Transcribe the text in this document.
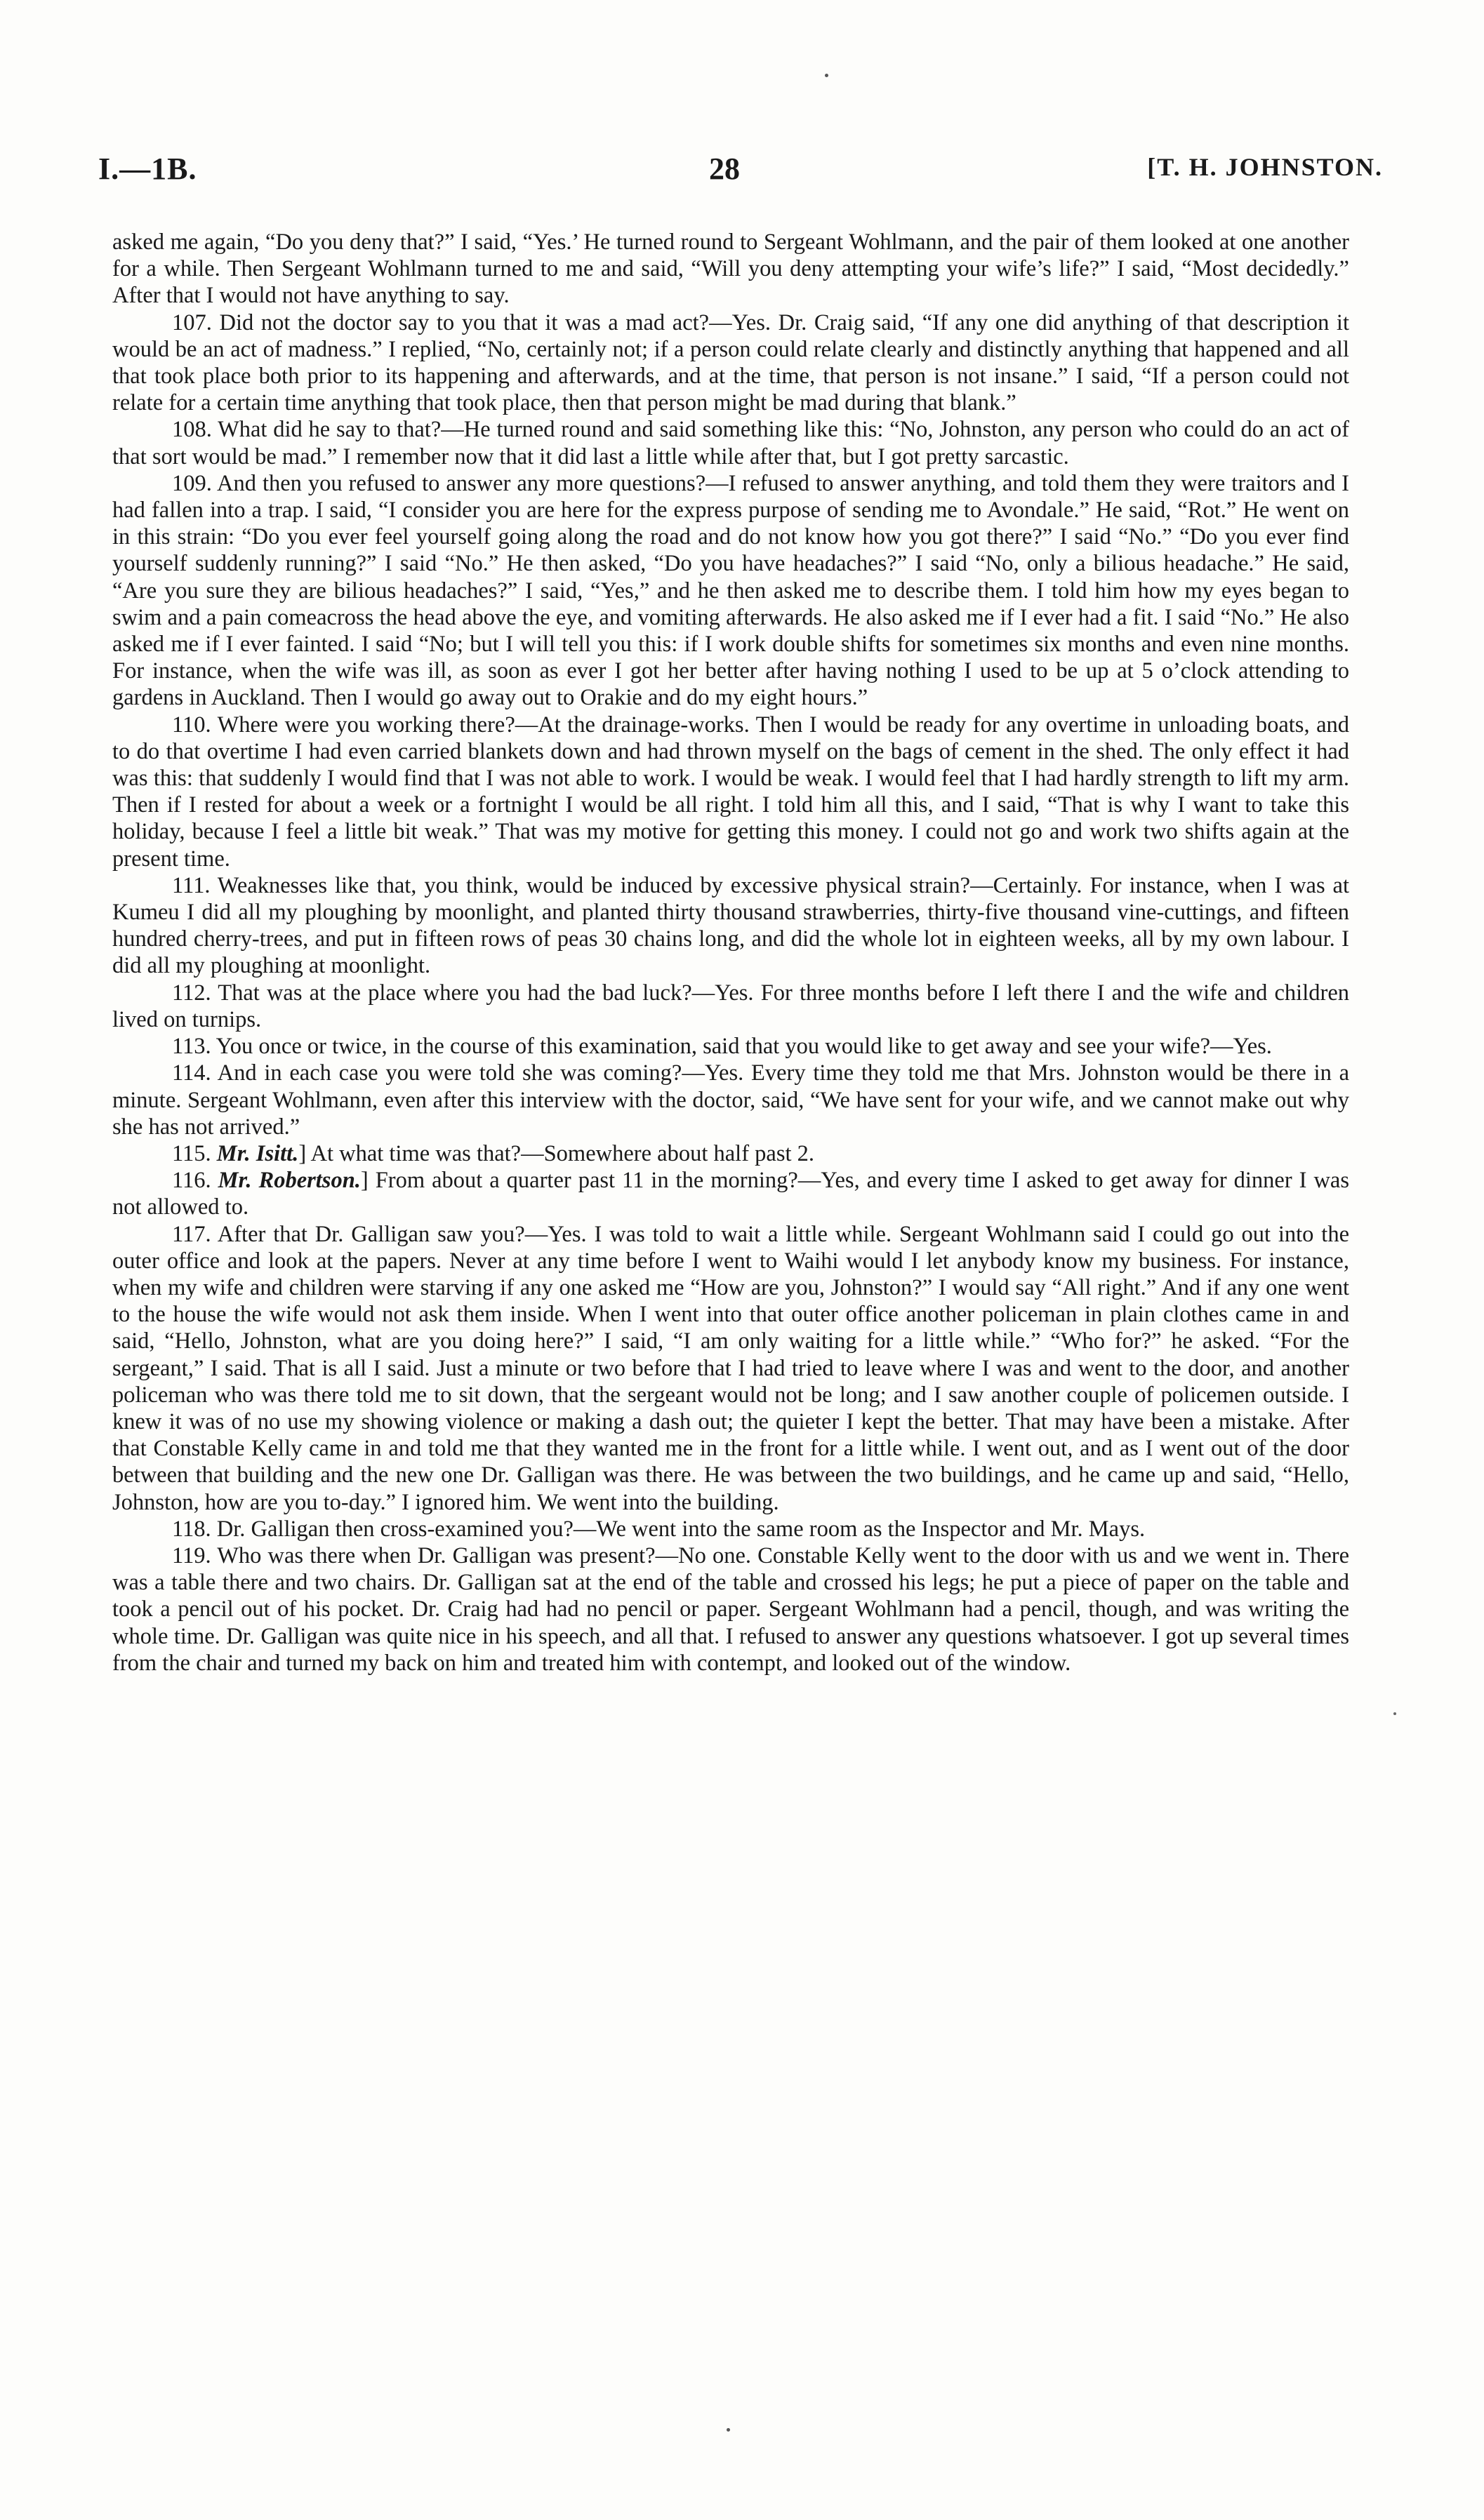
I.—1B.	28	[T. H. JOHNSTON.

asked me again, “Do you deny that?” I said, “Yes.’ He turned round to Sergeant Wohlmann, and the pair of them looked at one another for a while. Then Sergeant Wohlmann turned to me and said, “Will you deny attempting your wife’s life?” I said, “Most decidedly.” After that I would not have anything to say.

107. Did not the doctor say to you that it was a mad act?—Yes. Dr. Craig said, “If any one did anything of that description it would be an act of madness.” I replied, “No, certainly not; if a person could relate clearly and distinctly anything that happened and all that took place both prior to its happening and afterwards, and at the time, that person is not insane.” I said, “If a person could not relate for a certain time anything that took place, then that person might be mad during that blank.”

108. What did he say to that?—He turned round and said something like this: “No, Johnston, any person who could do an act of that sort would be mad.” I remember now that it did last a little while after that, but I got pretty sarcastic.

109. And then you refused to answer any more questions?—I refused to answer anything, and told them they were traitors and I had fallen into a trap. I said, “I consider you are here for the express purpose of sending me to Avondale.” He said, “Rot.” He went on in this strain: “Do you ever feel yourself going along the road and do not know how you got there?” I said “No.” “Do you ever find yourself suddenly running?” I said “No.” He then asked, “Do you have headaches?” I said “No, only a bilious headache.” He said, “Are you sure they are bilious headaches?” I said, “Yes,” and he then asked me to describe them. I told him how my eyes began to swim and a pain comeacross the head above the eye, and vomiting afterwards. He also asked me if I ever had a fit. I said “No.” He also asked me if I ever fainted. I said “No; but I will tell you this: if I work double shifts for sometimes six months and even nine months. For instance, when the wife was ill, as soon as ever I got her better after having nothing I used to be up at 5 o’clock attending to gardens in Auckland. Then I would go away out to Orakie and do my eight hours.”

110. Where were you working there?—At the drainage-works. Then I would be ready for any overtime in unloading boats, and to do that overtime I had even carried blankets down and had thrown myself on the bags of cement in the shed. The only effect it had was this: that suddenly I would find that I was not able to work. I would be weak. I would feel that I had hardly strength to lift my arm. Then if I rested for about a week or a fortnight I would be all right. I told him all this, and I said, “That is why I want to take this holiday, because I feel a little bit weak.” That was my motive for getting this money. I could not go and work two shifts again at the present time.

111. Weaknesses like that, you think, would be induced by excessive physical strain?—Certainly. For instance, when I was at Kumeu I did all my ploughing by moonlight, and planted thirty thousand strawberries, thirty-five thousand vine-cuttings, and fifteen hundred cherry-trees, and put in fifteen rows of peas 30 chains long, and did the whole lot in eighteen weeks, all by my own labour. I did all my ploughing at moonlight.

112. That was at the place where you had the bad luck?—Yes. For three months before I left there I and the wife and children lived on turnips.

113. You once or twice, in the course of this examination, said that you would like to get away and see your wife?—Yes.

114. And in each case you were told she was coming?—Yes. Every time they told me that Mrs. Johnston would be there in a minute. Sergeant Wohlmann, even after this interview with the doctor, said, “We have sent for your wife, and we cannot make out why she has not arrived.”

115. Mr. Isitt.] At what time was that?—Somewhere about half past 2.

116. Mr. Robertson.] From about a quarter past 11 in the morning?—Yes, and every time I asked to get away for dinner I was not allowed to.

117. After that Dr. Galligan saw you?—Yes. I was told to wait a little while. Sergeant Wohlmann said I could go out into the outer office and look at the papers. Never at any time before I went to Waihi would I let anybody know my business. For instance, when my wife and children were starving if any one asked me “How are you, Johnston?” I would say “All right.” And if any one went to the house the wife would not ask them inside. When I went into that outer office another policeman in plain clothes came in and said, “Hello, Johnston, what are you doing here?” I said, “I am only waiting for a little while.” “Who for?” he asked. “For the sergeant,” I said. That is all I said. Just a minute or two before that I had tried to leave where I was and went to the door, and another policeman who was there told me to sit down, that the sergeant would not be long; and I saw another couple of policemen outside. I knew it was of no use my showing violence or making a dash out; the quieter I kept the better. That may have been a mistake. After that Constable Kelly came in and told me that they wanted me in the front for a little while. I went out, and as I went out of the door between that building and the new one Dr. Galligan was there. He was between the two buildings, and he came up and said, “Hello, Johnston, how are you to-day.” I ignored him. We went into the building.

118. Dr. Galligan then cross-examined you?—We went into the same room as the Inspector and Mr. Mays.

119. Who was there when Dr. Galligan was present?—No one. Constable Kelly went to the door with us and we went in. There was a table there and two chairs. Dr. Galligan sat at the end of the table and crossed his legs; he put a piece of paper on the table and took a pencil out of his pocket. Dr. Craig had had no pencil or paper. Sergeant Wohlmann had a pencil, though, and was writing the whole time. Dr. Galligan was quite nice in his speech, and all that. I refused to answer any questions whatsoever. I got up several times from the chair and turned my back on him and treated him with contempt, and looked out of the window.
